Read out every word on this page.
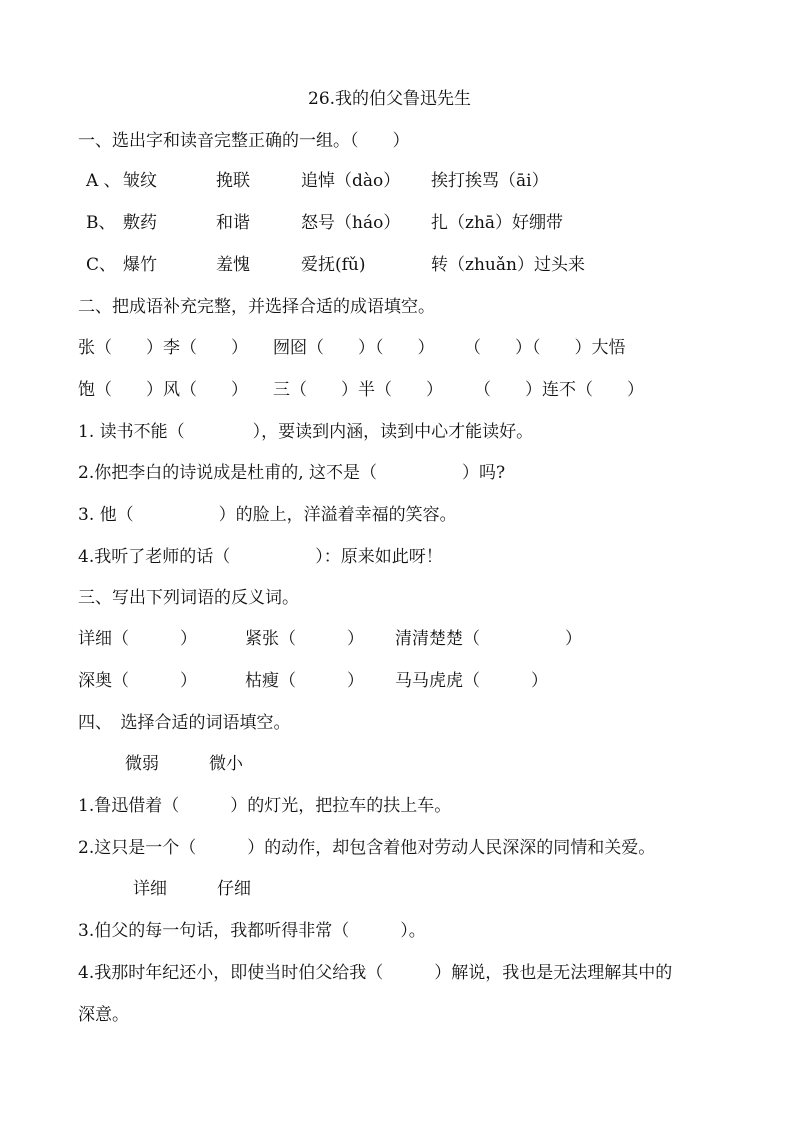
26.我的伯父鲁迅先生
一、选出字和读音完整正确的一组。（　　）
A 、 皱纹	挽联	追悼（dào） 挨打挨骂（āi）
B、 敷药	和谐	怒号（háo） 扎（zhā）好绷带
C、 爆竹	羞愧	爱抚(fǔ)	转（zhuǎn）过头来
二、把成语补充完整，并选择合适的成语填空。
张（　　）李（　　） 囫囵（　　）（　　） （　　）（　　）大悟
饱（　　）风（　　） 三（　　）半（　　） （　　）连不（　　）
1. 读书不能（　　　　），要读到内涵，读到中心才能读好。
2.你把李白的诗说成是杜甫的, 这不是（　　　　　）吗?
3. 他（　　　　　）的脸上，洋溢着幸福的笑容。
4.我听了老师的话（　　　　　）：原来如此呀！
三、写出下列词语的反义词。
详细（　　　）	紧张（　　　） 清清楚楚（　　　　　）
深奥（　　　）	枯瘦（　　　） 马马虎虎（　　　）
四、　选择合适的词语填空。
微弱	微小
1.鲁迅借着（　　　）的灯光，把拉车的扶上车。
2.这只是一个（　　　）的动作，却包含着他对劳动人民深深的同情和关爱。
详细	仔细
3.伯父的每一句话，我都听得非常（　　　）。
4.我那时年纪还小，即使当时伯父给我（　　　）解说，我也是无法理解其中的
深意。
